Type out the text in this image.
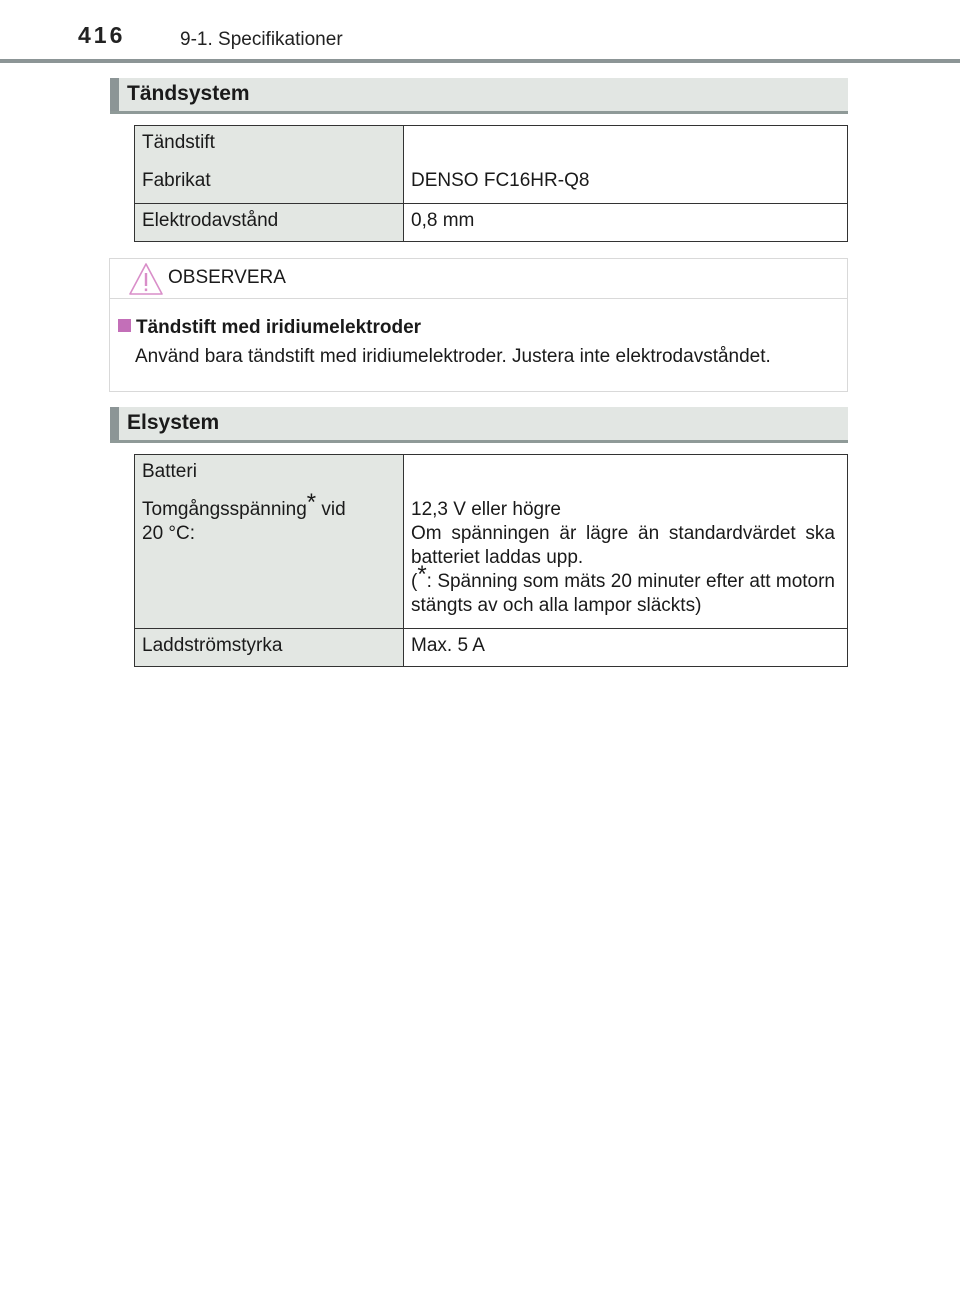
416	9-1. Specifikationer
Tändsystem
Tändstift
Fabrikat	DENSO FC16HR-Q8

Elektrodavstånd	0,8 mm
OBSERVERA
Tändstift med iridiumelektroder
Använd bara tändstift med iridiumelektroder. Justera inte elektrodavståndet.
Elsystem
Batteri
Tomgångsspänning* vid
20 °C:	12,3 V eller högre
Om spänningen är lägre än standardvärdet ska batteriet laddas upp.
(*: Spänning som mäts 20 minuter efter att motorn stängts av och alla lampor släckts)

Laddströmstyrka	Max. 5 A
